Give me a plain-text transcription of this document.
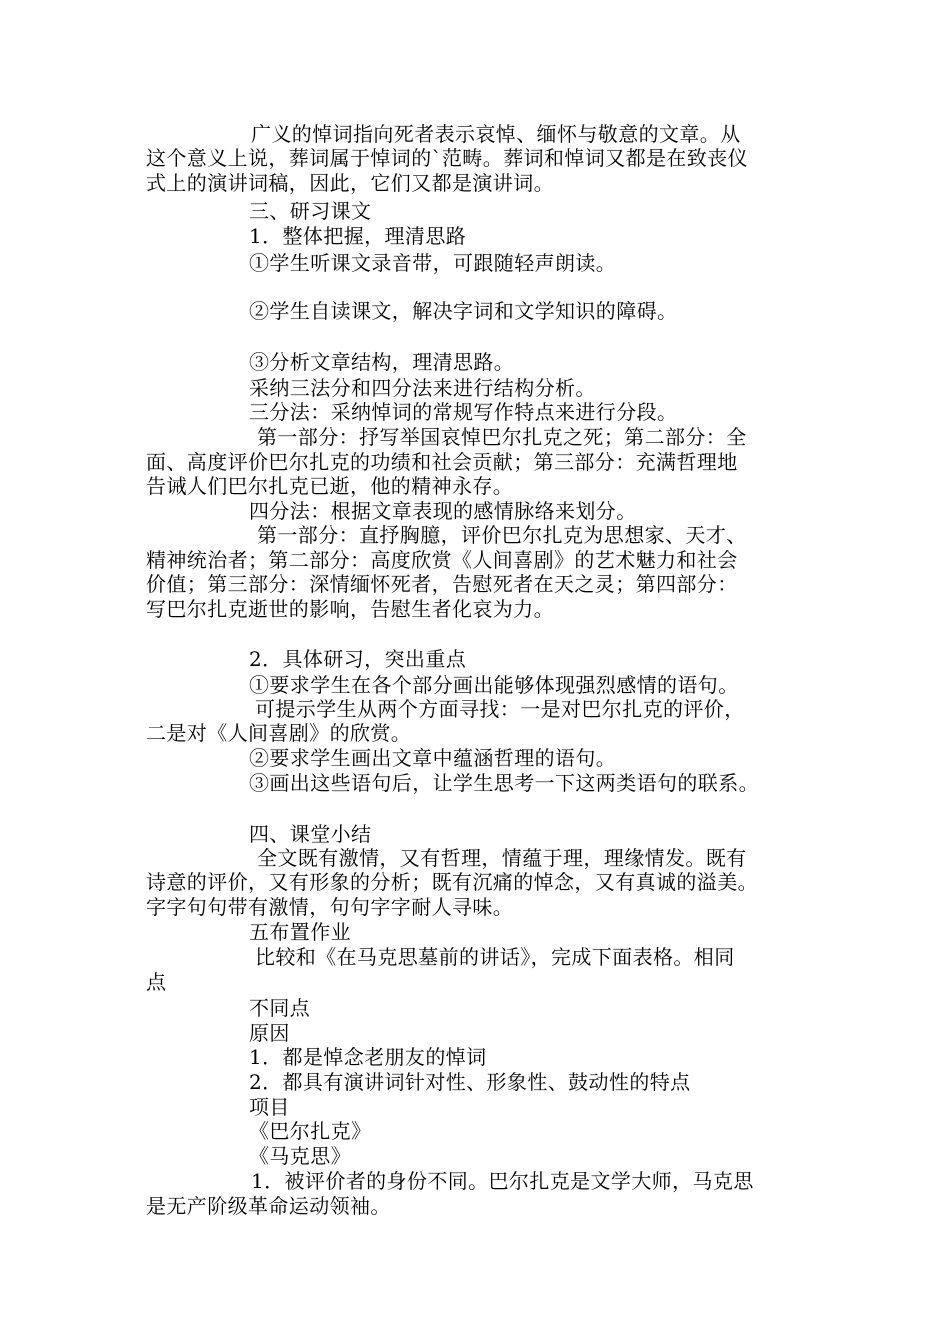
广义的悼词指向死者表示哀悼、缅怀与敬意的文章。从
这个意义上说，葬词属于悼词的`范畴。葬词和悼词又都是在致丧仪
式上的演讲词稿，因此，它们又都是演讲词。
三、研习课文
1．整体把握，理清思路
①学生听课文录音带，可跟随轻声朗读。
②学生自读课文，解决字词和文学知识的障碍。
③分析文章结构，理清思路。
采纳三法分和四分法来进行结构分析。
三分法：采纳悼词的常规写作特点来进行分段。
第一部分：抒写举国哀悼巴尔扎克之死；第二部分：全
面、高度评价巴尔扎克的功绩和社会贡献；第三部分：充满哲理地
告诫人们巴尔扎克已逝，他的精神永存。
四分法：根据文章表现的感情脉络来划分。
第一部分：直抒胸臆，评价巴尔扎克为思想家、天才、
精神统治者；第二部分：高度欣赏《人间喜剧》的艺术魅力和社会
价值；第三部分：深情缅怀死者，告慰死者在天之灵；第四部分：
写巴尔扎克逝世的影响，告慰生者化哀为力。
2．具体研习，突出重点
①要求学生在各个部分画出能够体现强烈感情的语句。
可提示学生从两个方面寻找：一是对巴尔扎克的评价，
二是对《人间喜剧》的欣赏。
②要求学生画出文章中蕴涵哲理的语句。
③画出这些语句后，让学生思考一下这两类语句的联系。
四、课堂小结
全文既有激情，又有哲理，情蕴于理，理缘情发。既有
诗意的评价，又有形象的分析；既有沉痛的悼念，又有真诚的溢美。
字字句句带有激情，句句字字耐人寻味。
五布置作业
比较和《在马克思墓前的讲话》，完成下面表格。相同
点
不同点
原因
1．都是悼念老朋友的悼词
2．都具有演讲词针对性、形象性、鼓动性的特点
项目
《巴尔扎克》
《马克思》
1．被评价者的身份不同。巴尔扎克是文学大师，马克思
是无产阶级革命运动领袖。
